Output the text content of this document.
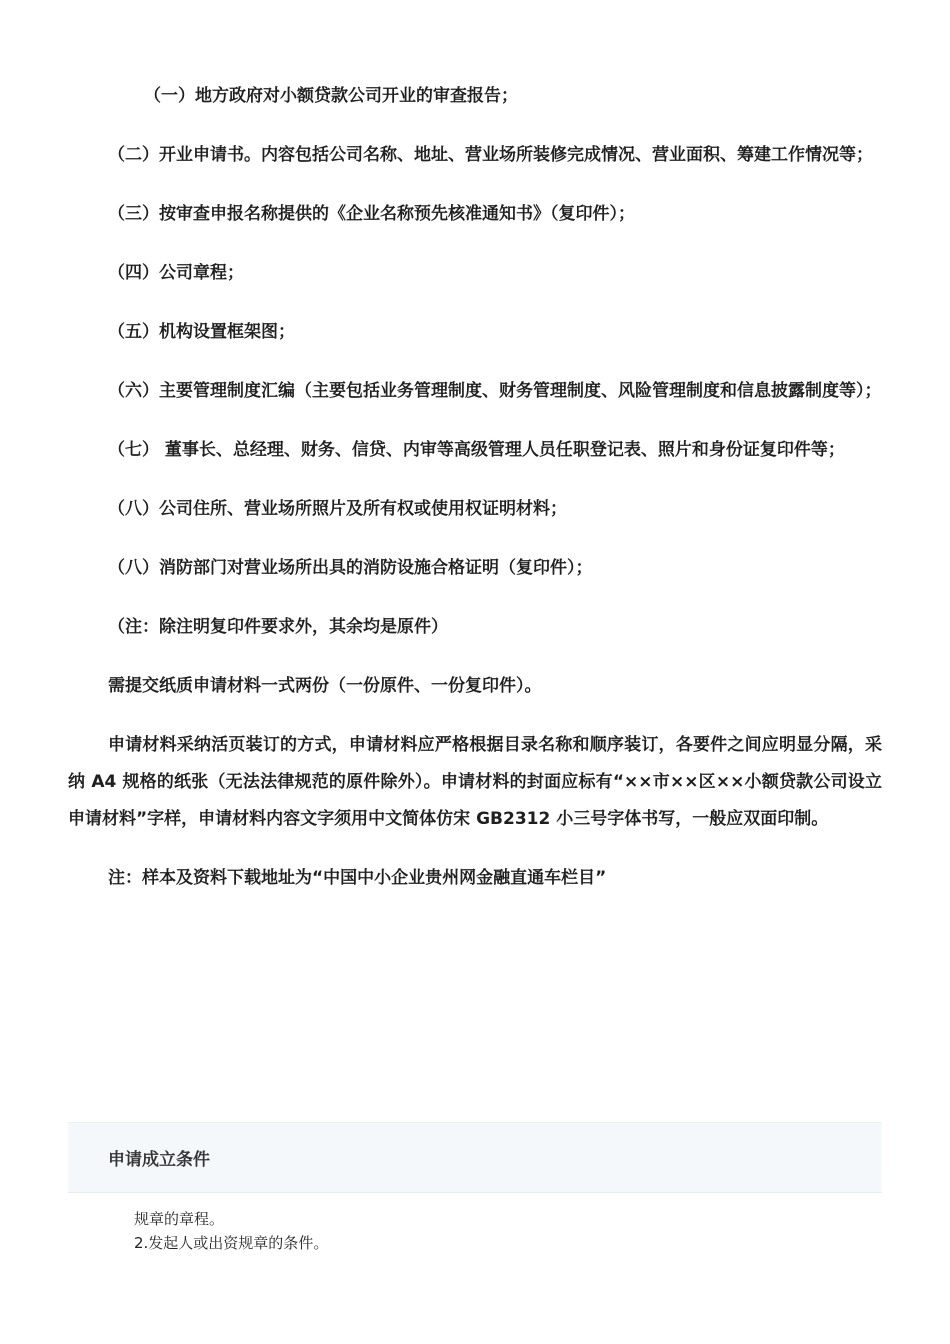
（一）地方政府对小额贷款公司开业的审查报告；

（二）开业申请书。内容包括公司名称、地址、营业场所装修完成情况、营业面积、筹建工作情况等；

（三）按审查申报名称提供的《企业名称预先核准通知书》（复印件）；

（四）公司章程；

（五）机构设置框架图；

（六）主要管理制度汇编（主要包括业务管理制度、财务管理制度、风险管理制度和信息披露制度等）；

（七） 董事长、总经理、财务、信贷、内审等高级管理人员任职登记表、照片和身份证复印件等；

（八）公司住所、营业场所照片及所有权或使用权证明材料；

（八）消防部门对营业场所出具的消防设施合格证明（复印件）；

（注：除注明复印件要求外，其余均是原件）

需提交纸质申请材料一式两份（一份原件、一份复印件）。

申请材料采纳活页装订的方式，申请材料应严格根据目录名称和顺序装订，各要件之间应明显分隔，采纳 A4 规格的纸张（无法法律规范的原件除外）。申请材料的封面应标有“××市××区××小额贷款公司设立申请材料”字样，申请材料内容文字须用中文简体仿宋 GB2312 小三号字体书写，一般应双面印制。

注：样本及资料下载地址为“中国中小企业贵州网金融直通车栏目”

申请成立条件

规章的章程。

2.发起人或出资规章的条件。
